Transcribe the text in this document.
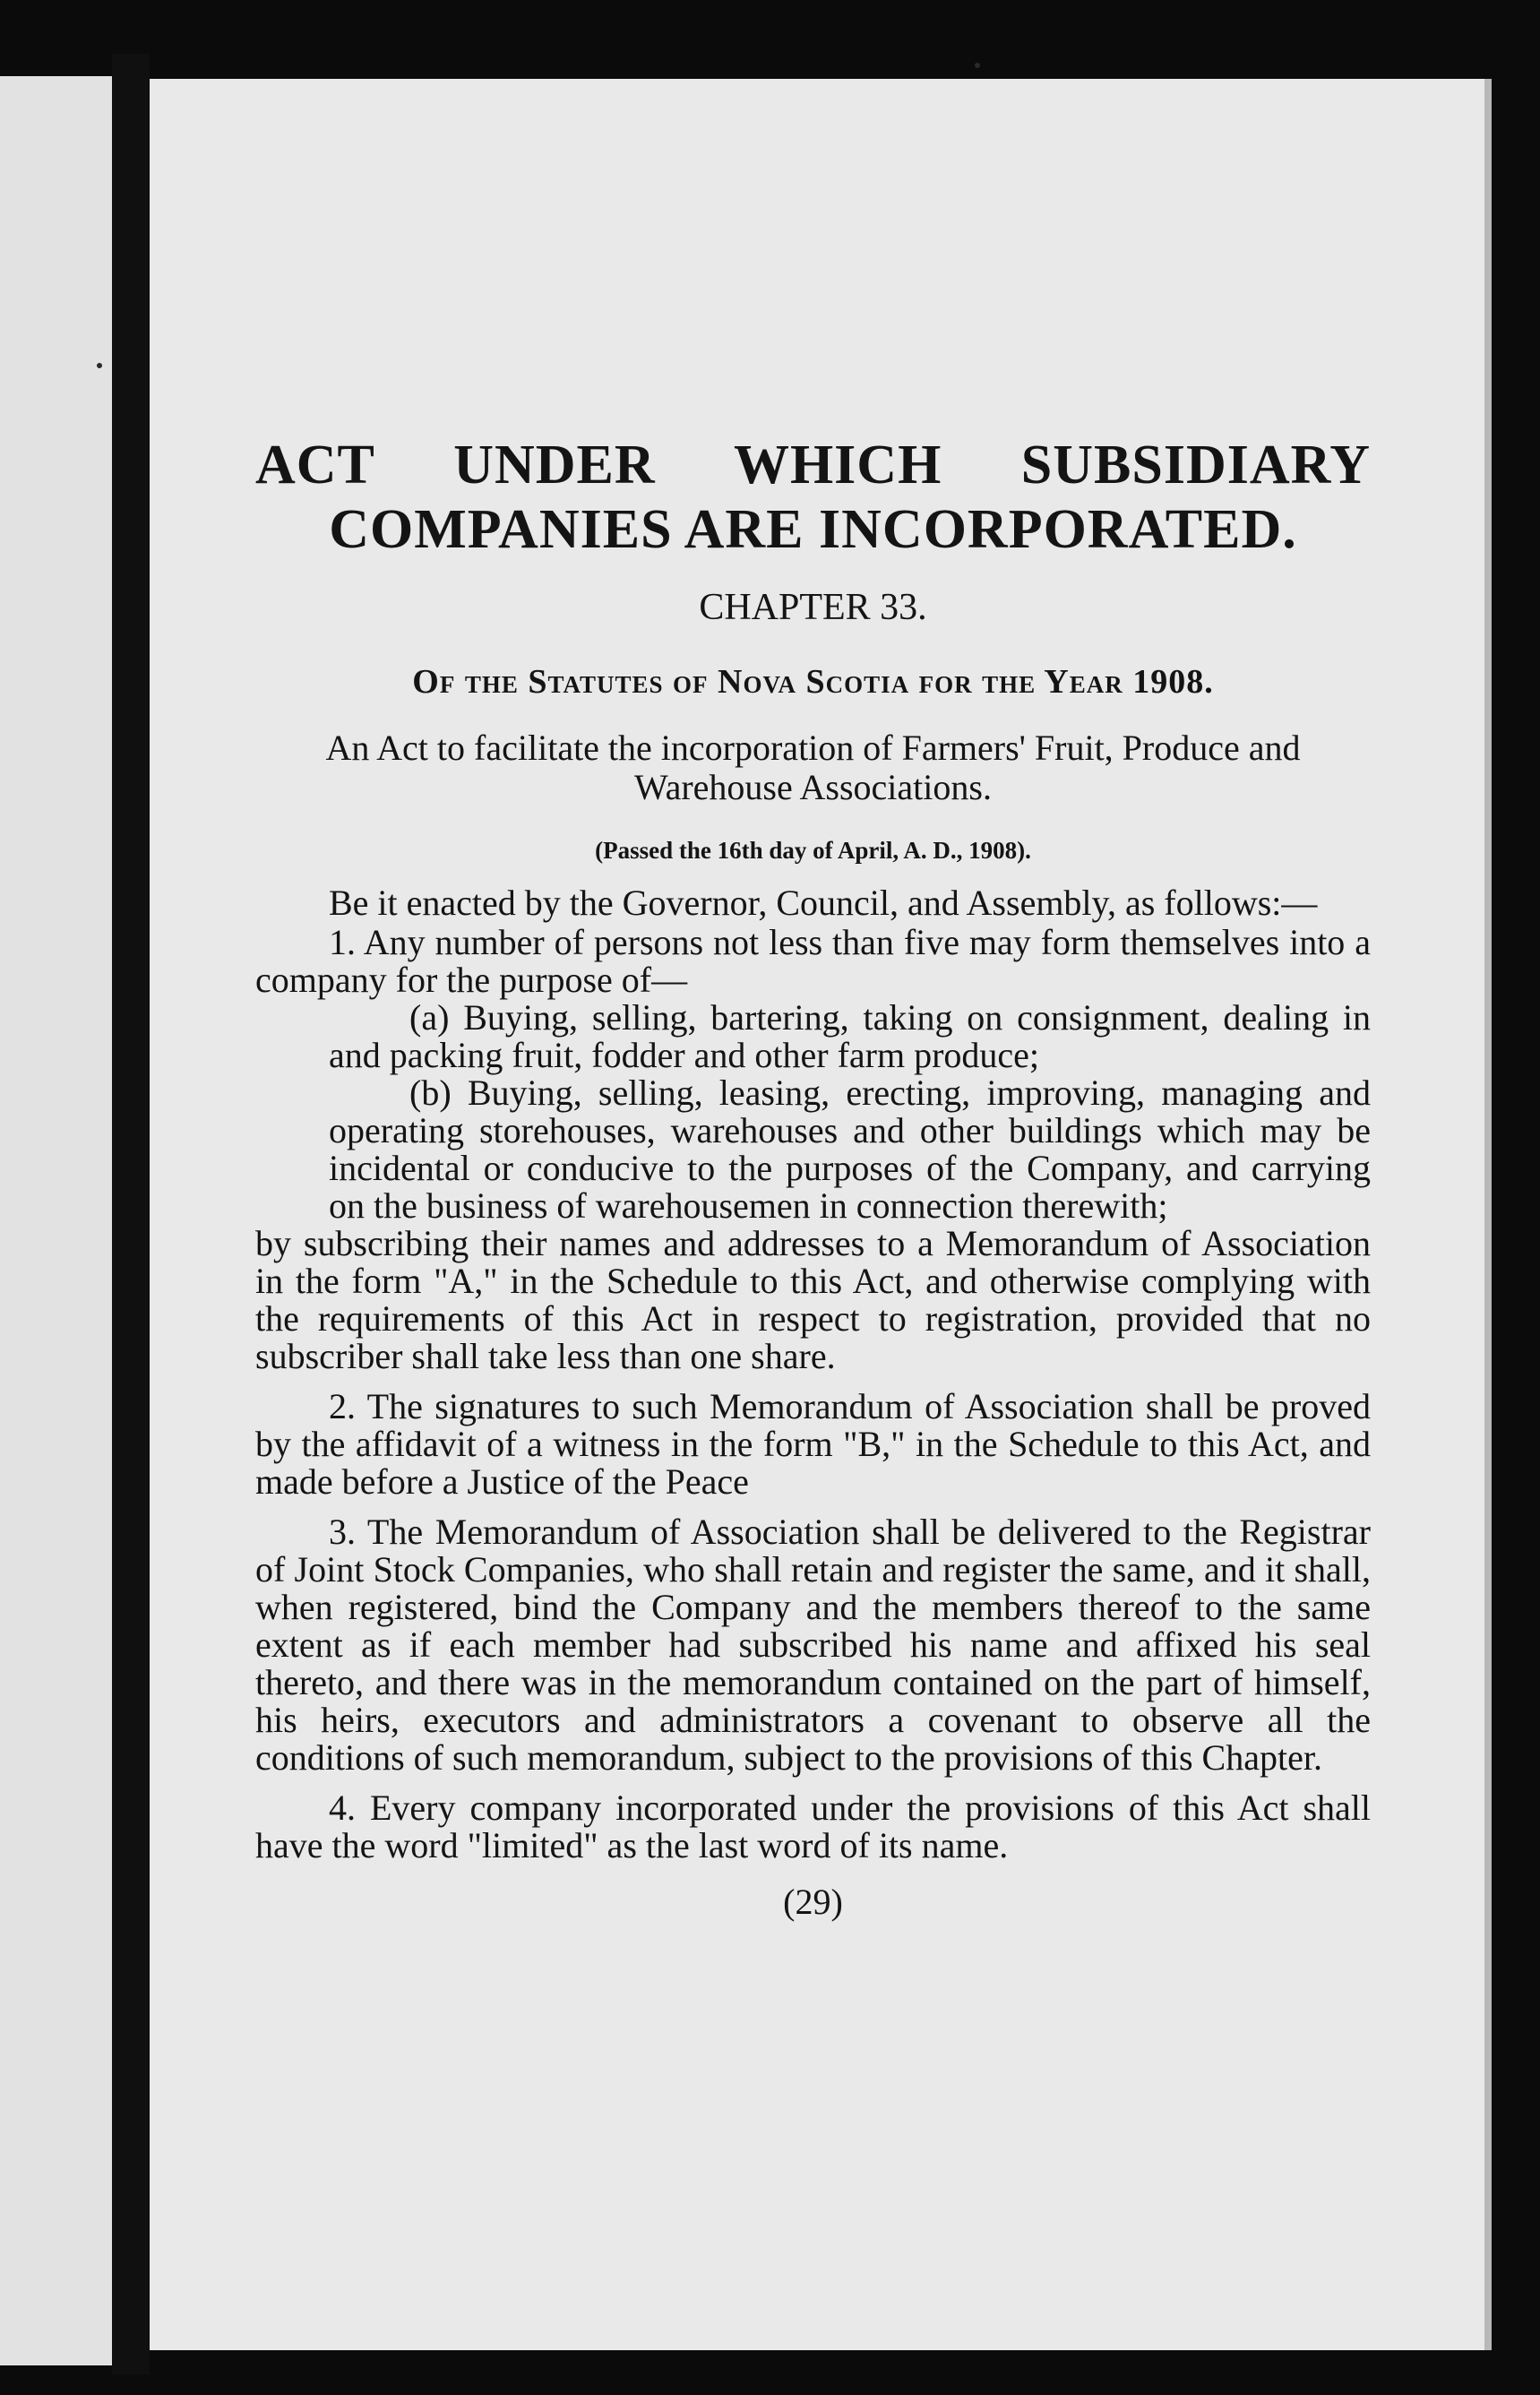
ACT UNDER WHICH SUBSIDIARY

COMPANIES ARE INCORPORATED.

CHAPTER 33.

Of the Statutes of Nova Scotia for the Year 1908.

An Act to facilitate the incorporation of Farmers' Fruit, Produce and Warehouse Associations.

(Passed the 16th day of April, A. D., 1908).

Be it enacted by the Governor, Council, and Assembly, as follows:—

1. Any number of persons not less than five may form themselves into a company for the purpose of—

(a) Buying, selling, bartering, taking on consignment, dealing in and packing fruit, fodder and other farm produce;

(b) Buying, selling, leasing, erecting, improving, managing and operating storehouses, warehouses and other buildings which may be incidental or conducive to the purposes of the Company, and carrying on the business of warehousemen in connection therewith;

by subscribing their names and addresses to a Memorandum of Association in the form "A," in the Schedule to this Act, and otherwise complying with the requirements of this Act in respect to registration, provided that no subscriber shall take less than one share.

2. The signatures to such Memorandum of Association shall be proved by the affidavit of a witness in the form "B," in the Schedule to this Act, and made before a Justice of the Peace

3. The Memorandum of Association shall be delivered to the Registrar of Joint Stock Companies, who shall retain and register the same, and it shall, when registered, bind the Company and the members thereof to the same extent as if each member had subscribed his name and affixed his seal thereto, and there was in the memorandum contained on the part of himself, his heirs, executors and administrators a covenant to observe all the conditions of such memorandum, subject to the provisions of this Chapter.

4. Every company incorporated under the provisions of this Act shall have the word "limited" as the last word of its name.

(29)
